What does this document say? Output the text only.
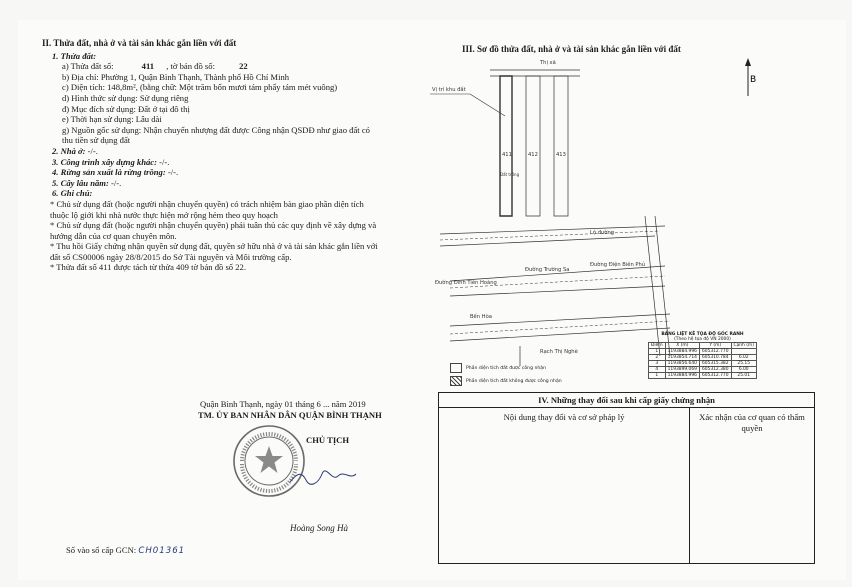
II. Thửa đất, nhà ở và tài sản khác gắn liền với đất
1. Thửa đất:
a) Thửa đất số:	411 , tờ bản đồ số:	22
b) Địa chỉ: Phường 1, Quận Bình Thạnh, Thành phố Hồ Chí Minh
c) Diện tích: 148,8m², (bằng chữ: Một trăm bốn mươi tám phẩy tám mét vuông)
d) Hình thức sử dụng: Sử dụng riêng
đ) Mục đích sử dụng: Đất ở tại đô thị
e) Thời hạn sử dụng: Lâu dài
g) Nguồn gốc sử dụng: Nhận chuyển nhượng đất được Công nhận QSDĐ như giao đất có
thu tiền sử dụng đất
2. Nhà ở: -/-.
3. Công trình xây dựng khác: -/-.
4. Rừng sản xuất là rừng trồng: -/-.
5. Cây lâu năm: -/-.
6. Ghi chú:
* Chủ sử dụng đất (hoặc người nhận chuyển quyền) có trách nhiệm bàn giao phần diện tích thuộc lộ giới khi nhà nước thực hiện mở rộng hẻm theo quy hoạch
* Chủ sử dụng đất (hoặc người nhận chuyển quyền) phải tuân thủ các quy định về xây dựng và hướng dẫn của cơ quan chuyên môn.
* Thu hồi Giấy chứng nhận quyền sử dụng đất, quyền sở hữu nhà ở và tài sản khác gắn liền với đất số CS00006 ngày 28/8/2015 do Sở Tài nguyên và Môi trường cấp.
* Thửa đất số 411 được tách từ thửa 409 tờ bản đồ số 22.
Quận Bình Thạnh, ngày 01 tháng 6 ... năm 2019
TM. ỦY BAN NHÂN DÂN QUẬN BÌNH THẠNH
CHỦ TỊCH
Hoàng Song Hà
Số vào sổ cấp GCN: CH01361
III. Sơ đồ thửa đất, nhà ở và tài sản khác gắn liền với đất
Vị trí khu đất
411	412	413
Đất trống
Lộ đường
Đường Trường Sa
Đường Đinh Tiên Hoàng
Đường Điện Biên Phủ
Rạch Thị Nghè
Bến Hòa
Thị xã
B
Phần diện tích đất được công nhận
Phần diện tích đất không được công nhận
BẢNG LIỆT KÊ TỌA ĐỘ GÓC RANH
(Theo hệ tọa độ VN 2000)
Điểm	X (m)	Y (m)	Cạnh (m)
1	1193884.996	605312.770	
2	1193854.714	605310.784	6.02
3	1193856.640	605315.382	25.15
4	1193899.069	605312.380	6.00
1	1193884.996	605312.770	25.01
IV. Những thay đổi sau khi cấp giấy chứng nhận
Nội dung thay đổi và cơ sở pháp lý	Xác nhận của cơ quan có thẩm quyền
